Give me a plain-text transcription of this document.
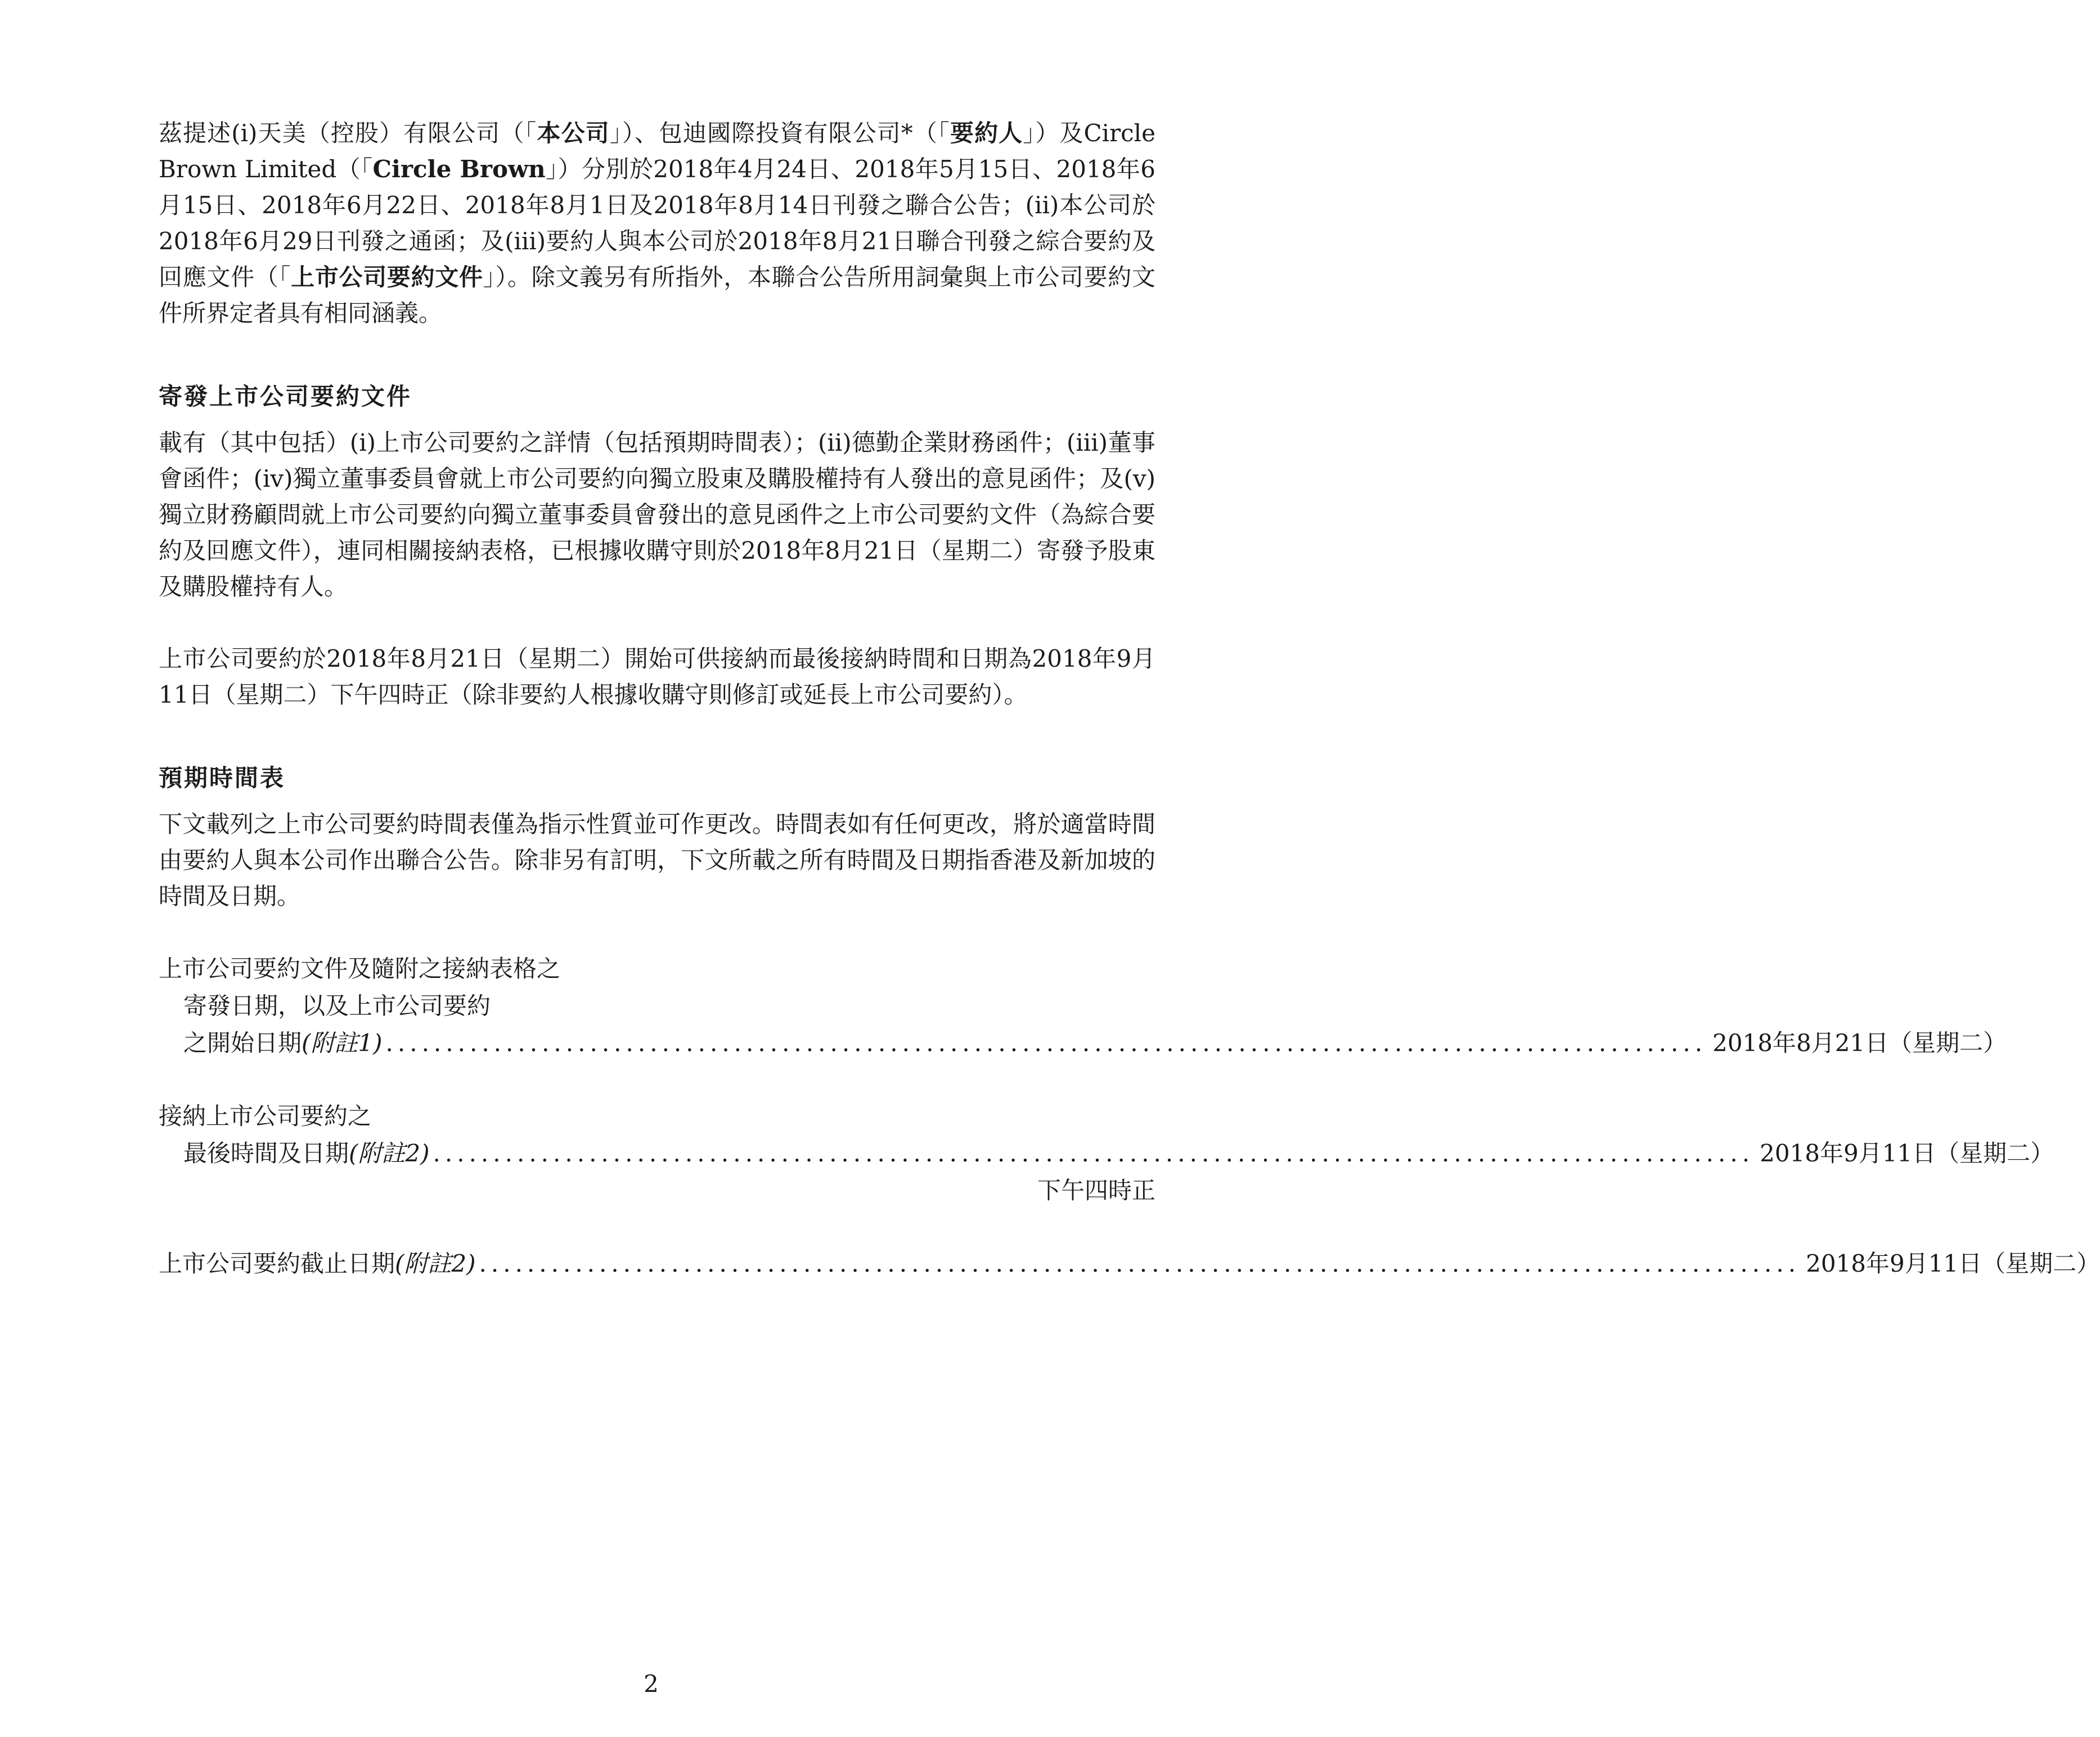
茲提述(i)天美（控股）有限公司（「本公司」）、包迪國際投資有限公司*（「要約人」）及Circle Brown Limited（「Circle Brown」）分別於2018年4月24日、2018年5月15日、2018年6月15日、2018年6月22日、2018年8月1日及2018年8月14日刊發之聯合公告；(ii)本公司於2018年6月29日刊發之通函；及(iii)要約人與本公司於2018年8月21日聯合刊發之綜合要約及回應文件（「上市公司要約文件」）。除文義另有所指外，本聯合公告所用詞彙與上市公司要約文件所界定者具有相同涵義。

寄發上市公司要約文件

載有（其中包括）(i)上市公司要約之詳情（包括預期時間表）；(ii)德勤企業財務函件；(iii)董事會函件；(iv)獨立董事委員會就上市公司要約向獨立股東及購股權持有人發出的意見函件；及(v)獨立財務顧問就上市公司要約向獨立董事委員會發出的意見函件之上市公司要約文件（為綜合要約及回應文件），連同相關接納表格，已根據收購守則於2018年8月21日（星期二）寄發予股東及購股權持有人。

上市公司要約於2018年8月21日（星期二）開始可供接納而最後接納時間和日期為2018年9月11日（星期二）下午四時正（除非要約人根據收購守則修訂或延長上市公司要約）。

預期時間表

下文載列之上市公司要約時間表僅為指示性質並可作更改。時間表如有任何更改，將於適當時間由要約人與本公司作出聯合公告。除非另有訂明，下文所載之所有時間及日期指香港及新加坡的時間及日期。

上市公司要約文件及隨附之接納表格之
寄發日期，以及上市公司要約
之開始日期 (附註1) .............................................................................................................. 2018年8月21日（星期二）
接納上市公司要約之
最後時間及日期 (附註2) .............................................................................................................. 2018年9月11日（星期二）
下午四時正
上市公司要約截止日期 (附註2) .............................................................................................................. 2018年9月11日（星期二）
2
